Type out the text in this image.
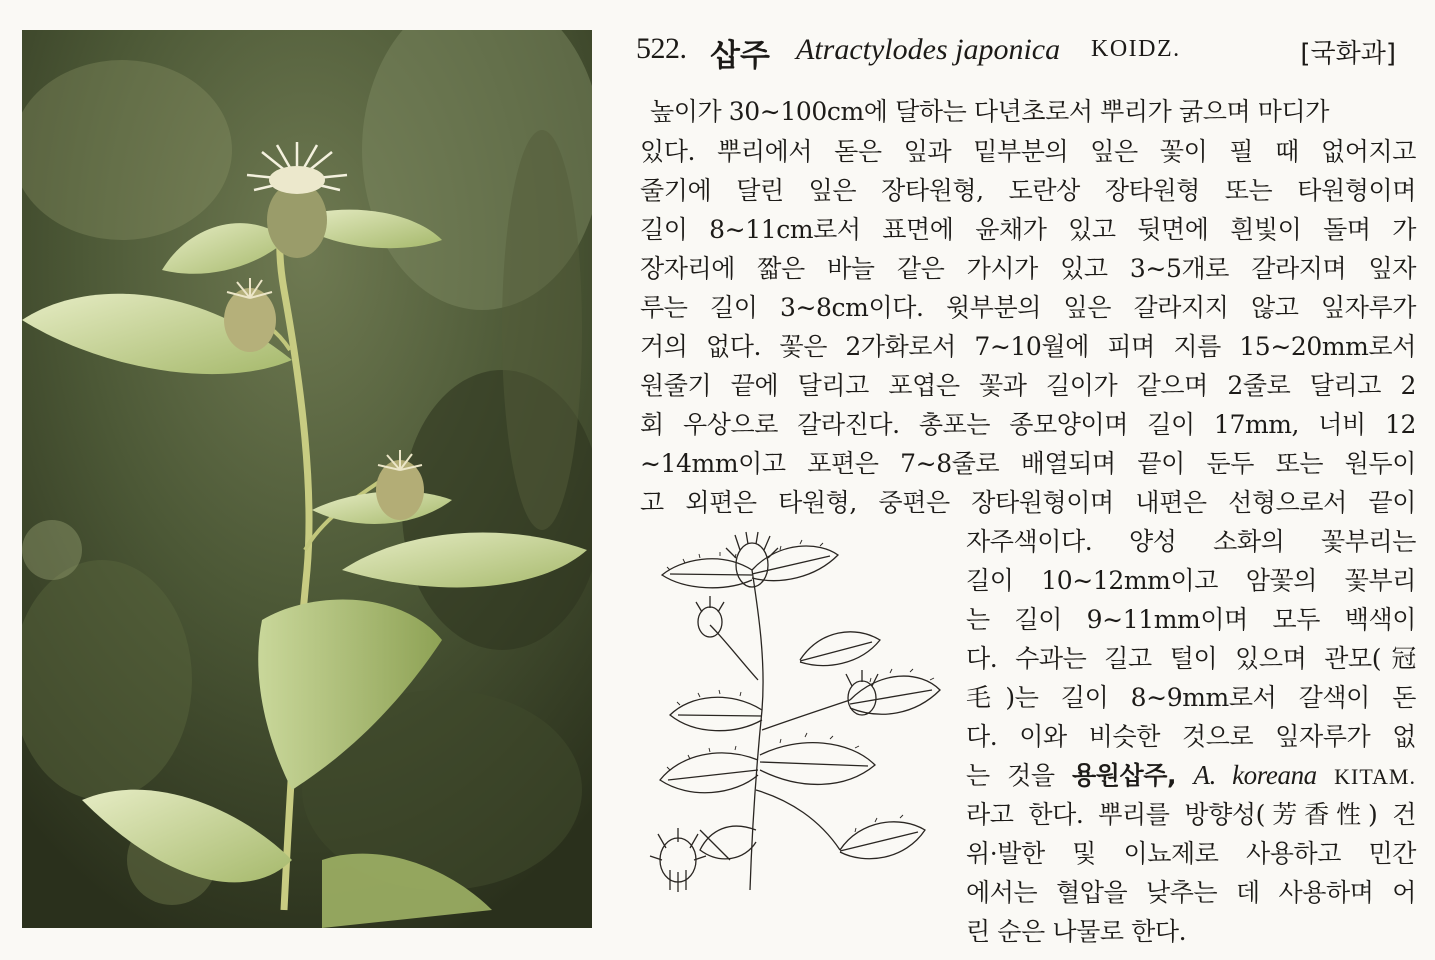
522. 삽주 Atractylodes japonica KOIDZ.	[국화과]
높이가 30∼100cm에 달하는 다년초로서 뿌리가 굵으며 마디가
있다. 뿌리에서 돋은 잎과 밑부분의 잎은 꽃이 필 때 없어지고
줄기에 달린 잎은 장타원형, 도란상 장타원형 또는 타원형이며
길이 8∼11cm로서 표면에 윤채가 있고 뒷면에 흰빛이 돌며 가
장자리에 짧은 바늘 같은 가시가 있고 3∼5개로 갈라지며 잎자
루는 길이 3∼8cm이다. 윗부분의 잎은 갈라지지 않고 잎자루가
거의 없다. 꽃은 2가화로서 7∼10월에 피며 지름 15∼20mm로서
원줄기 끝에 달리고 포엽은 꽃과 길이가 같으며 2줄로 달리고 2
회 우상으로 갈라진다. 총포는 종모양이며 길이 17mm, 너비 12
∼14mm이고 포편은 7∼8줄로 배열되며 끝이 둔두 또는 원두이
고 외편은 타원형, 중편은 장타원형이며 내편은 선형으로서 끝이
자주색이다. 양성 소화의 꽃부리는
길이 10∼12mm이고 암꽃의 꽃부리
는 길이 9∼11mm이며 모두 백색이
다. 수과는 길고 털이 있으며 관모(冠
毛)는 길이 8∼9mm로서 갈색이 돈
다. 이와 비슷한 것으로 잎자루가 없
는 것을 용원삽주, A. koreana KITAM.
라고 한다. 뿌리를 방향성(芳香性) 건
위·발한 및 이뇨제로 사용하고 민간
에서는 혈압을 낮추는 데 사용하며 어
린 순은 나물로 한다.
